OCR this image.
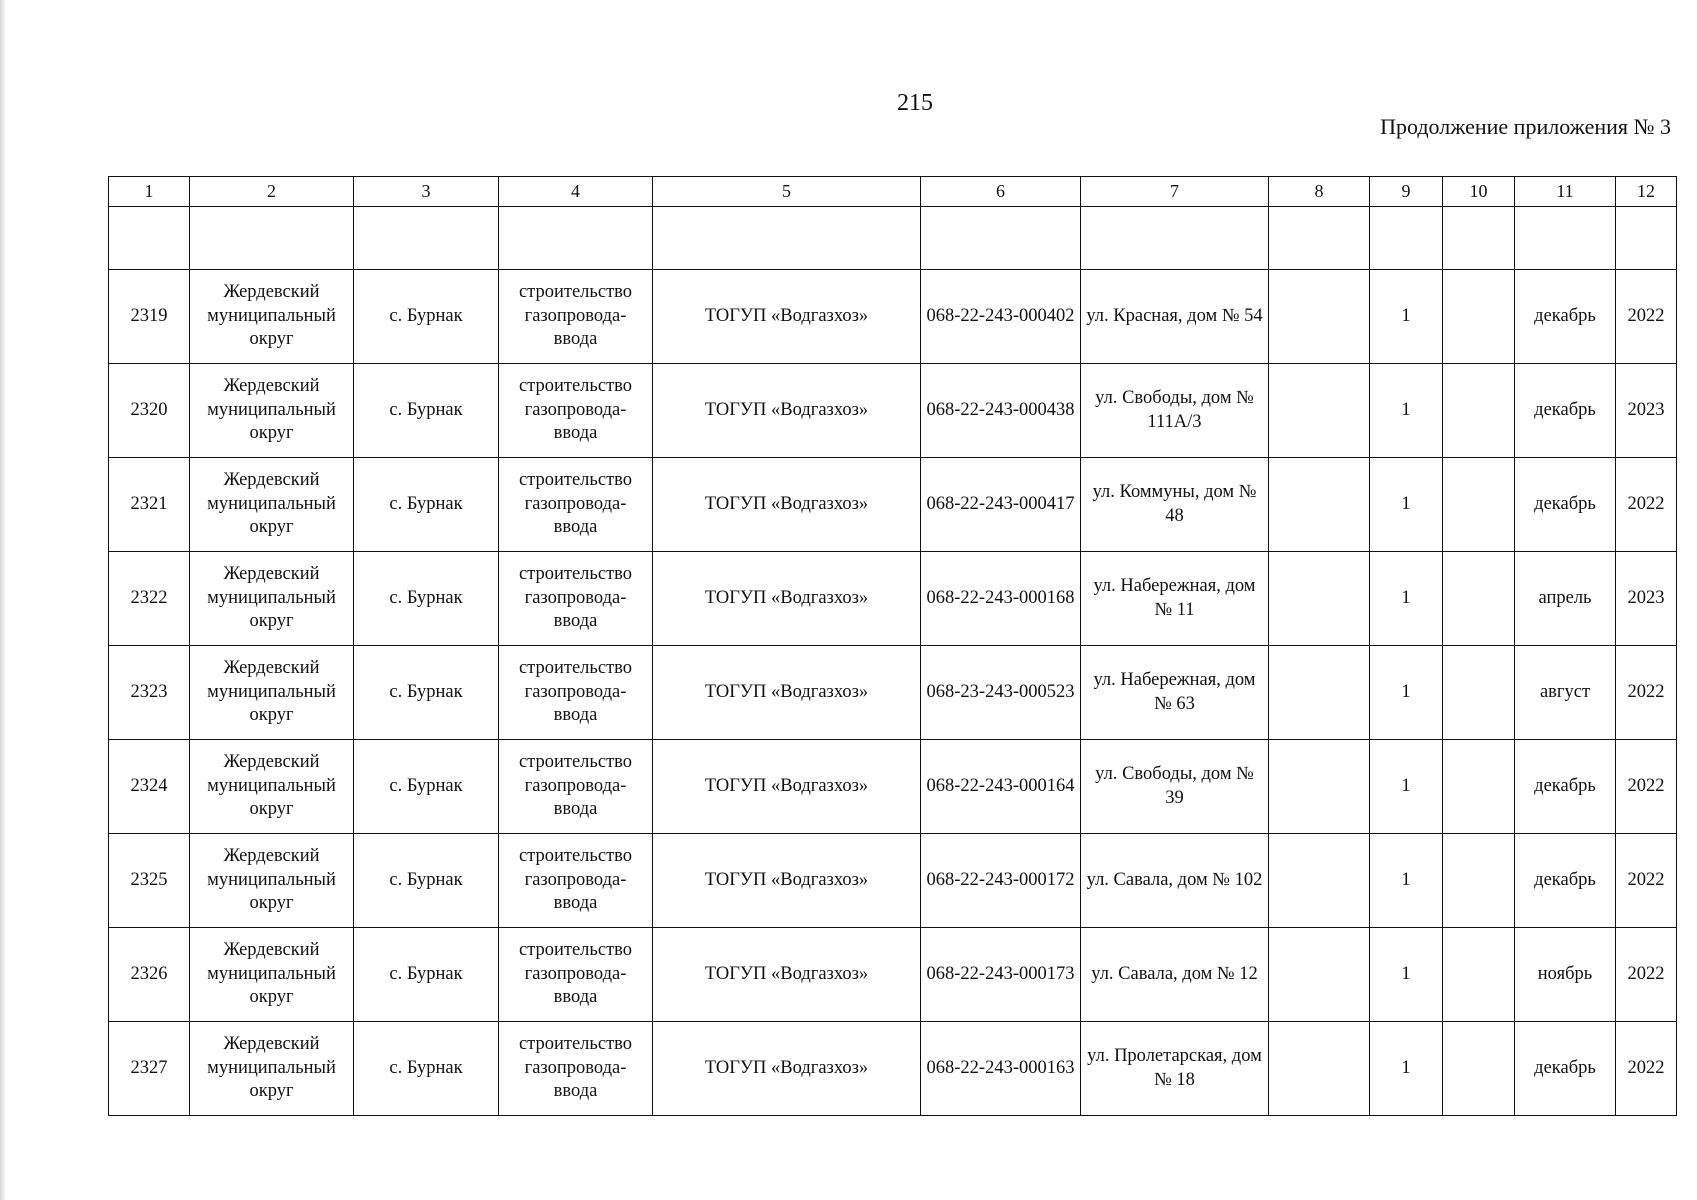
215
Продолжение приложения № 3
1	2	3	4	5	6	7	8	9	10	11	12

2319	Жердевский муниципальный округ	с. Бурнак	строительство газопровода-ввода	ТОГУП «Водгазхоз»	068-22-243-000402	ул. Красная, дом № 54		1		декабрь	2022
2320	Жердевский муниципальный округ	с. Бурнак	строительство газопровода-ввода	ТОГУП «Водгазхоз»	068-22-243-000438	ул. Свободы, дом № 111А/3		1		декабрь	2023
2321	Жердевский муниципальный округ	с. Бурнак	строительство газопровода-ввода	ТОГУП «Водгазхоз»	068-22-243-000417	ул. Коммуны, дом № 48		1		декабрь	2022
2322	Жердевский муниципальный округ	с. Бурнак	строительство газопровода-ввода	ТОГУП «Водгазхоз»	068-22-243-000168	ул. Набережная, дом № 11		1		апрель	2023
2323	Жердевский муниципальный округ	с. Бурнак	строительство газопровода-ввода	ТОГУП «Водгазхоз»	068-23-243-000523	ул. Набережная, дом № 63		1		август	2022
2324	Жердевский муниципальный округ	с. Бурнак	строительство газопровода-ввода	ТОГУП «Водгазхоз»	068-22-243-000164	ул. Свободы, дом № 39		1		декабрь	2022
2325	Жердевский муниципальный округ	с. Бурнак	строительство газопровода-ввода	ТОГУП «Водгазхоз»	068-22-243-000172	ул. Савала, дом № 102		1		декабрь	2022
2326	Жердевский муниципальный округ	с. Бурнак	строительство газопровода-ввода	ТОГУП «Водгазхоз»	068-22-243-000173	ул. Савала, дом № 12		1		ноябрь	2022
2327	Жердевский муниципальный округ	с. Бурнак	строительство газопровода-ввода	ТОГУП «Водгазхоз»	068-22-243-000163	ул. Пролетарская, дом № 18		1		декабрь	2022
